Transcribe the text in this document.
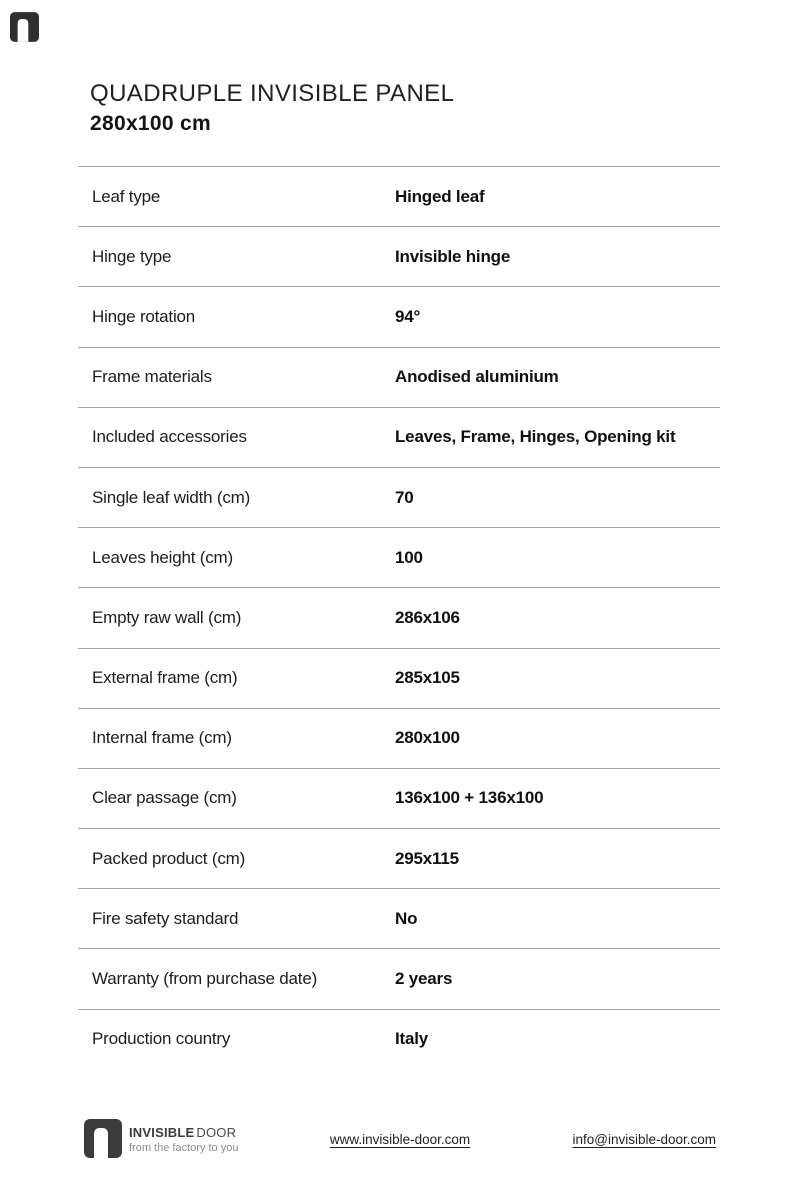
QUADRUPLE INVISIBLE PANEL
280x100 cm
Leaf type	Hinged leaf
Hinge type	Invisible hinge
Hinge rotation	94°
Frame materials	Anodised aluminium
Included accessories	Leaves, Frame, Hinges, Opening kit
Single leaf width (cm)	70
Leaves height (cm)	100
Empty raw wall (cm)	286x106
External frame (cm)	285x105
Internal frame (cm)	280x100
Clear passage (cm)	136x100 + 136x100
Packed product (cm)	295x115
Fire safety standard	No
Warranty (from purchase date)	2 years
Production country	Italy
INVISIBLE DOOR
from the factory to you
www.invisible-door.com	info@invisible-door.com
